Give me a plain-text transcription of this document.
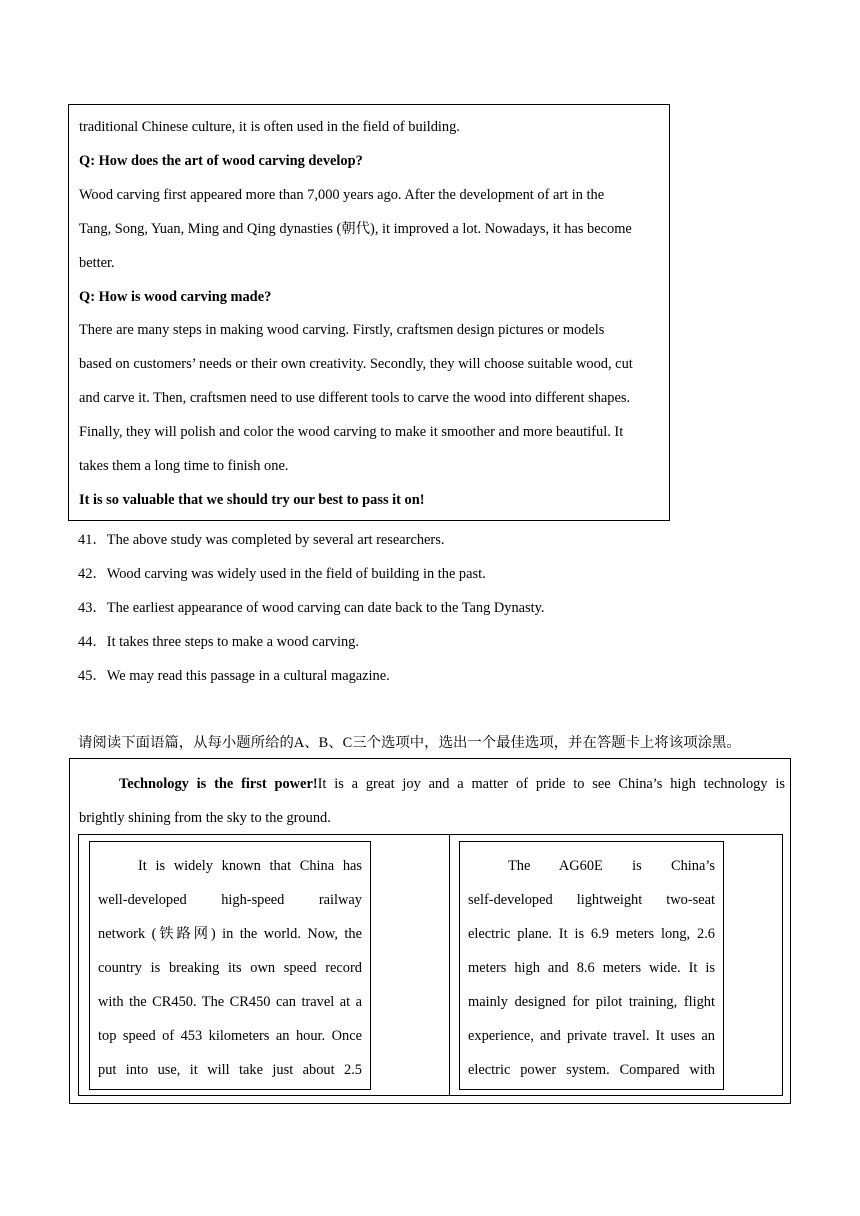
traditional Chinese culture, it is often used in the field of building.
Q: How does the art of wood carving develop?
Wood carving first appeared more than 7,000 years ago. After the development of art in the
Tang, Song, Yuan, Ming and Qing dynasties (朝代), it improved a lot. Nowadays, it has become
better.
Q: How is wood carving made?
There are many steps in making wood carving. Firstly, craftsmen design pictures or models
based on customers’ needs or their own creativity. Secondly, they will choose suitable wood, cut
and carve it. Then, craftsmen need to use different tools to carve the wood into different shapes.
Finally, they will polish and color the wood carving to make it smoother and more beautiful. It
takes them a long time to finish one.
It is so valuable that we should try our best to pass it on!
41．The above study was completed by several art researchers.
42．Wood carving was widely used in the field of building in the past.
43．The earliest appearance of wood carving can date back to the Tang Dynasty.
44．It takes three steps to make a wood carving.
45．We may read this passage in a cultural magazine.
请阅读下面语篇，从每小题所给的A、B、C三个选项中，选出一个最佳选项，并在答题卡上将该项涂黑。
Technology is the first power!It is a great joy and a matter of pride to see China’s high technology is
brightly shining from the sky to the ground.
It is widely known that China has
well-developed high-speed railway
network (铁路网) in the world. Now, the
country is breaking its own speed record
with the CR450. The CR450 can travel at a
top speed of 453 kilometers an hour. Once
put into use, it will take just about 2.5
The AG60E is China’s
self-developed lightweight two-seat
electric plane. It is 6.9 meters long, 2.6
meters high and 8.6 meters wide. It is
mainly designed for pilot training, flight
experience, and private travel. It uses an
electric power system. Compared with
